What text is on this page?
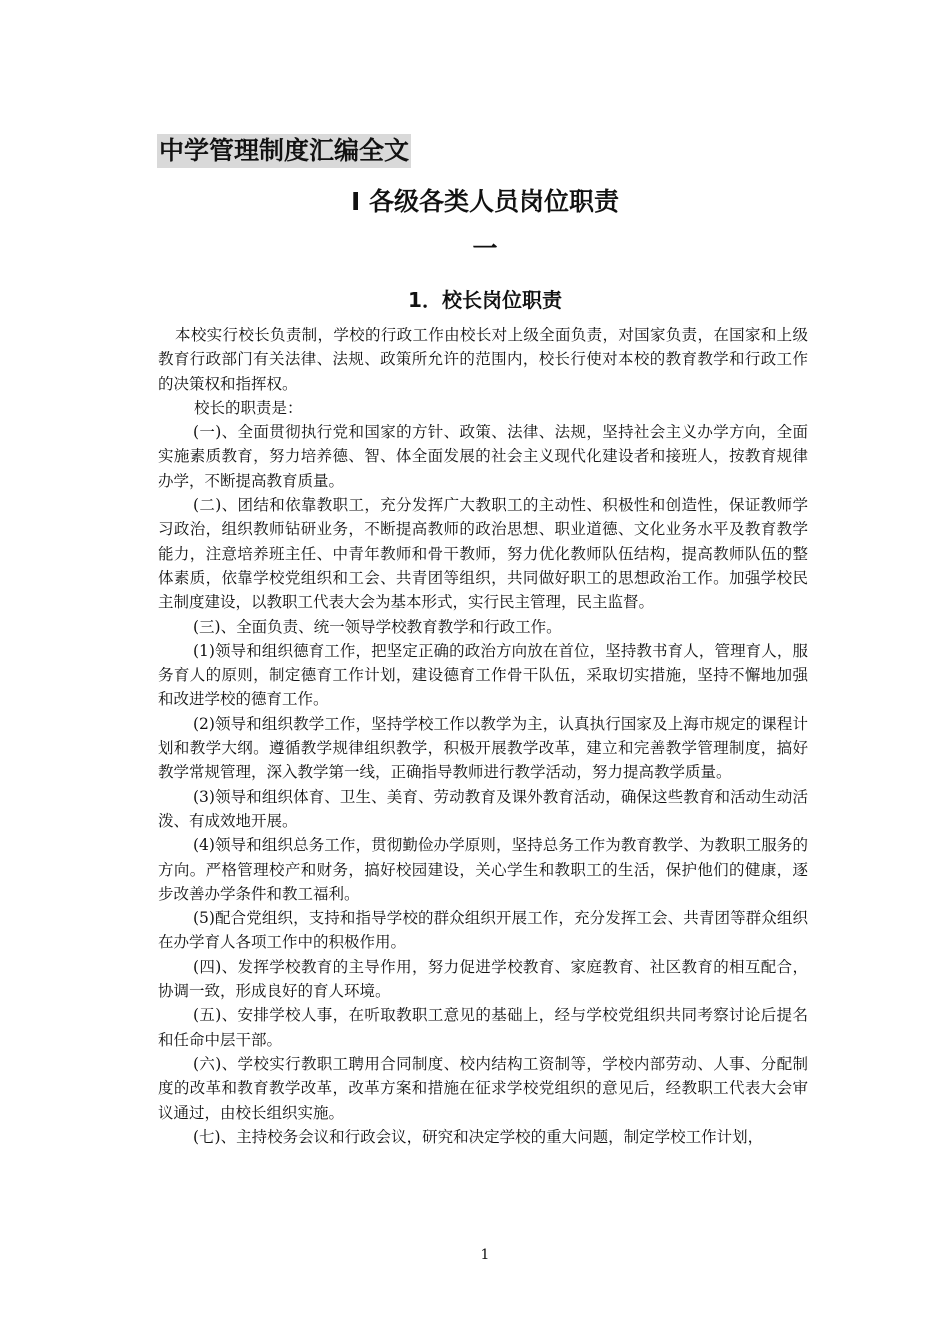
中学管理制度汇编全文
Ⅰ 各级各类人员岗位职责
一
1．校长岗位职责

本校实行校长负责制，学校的行政工作由校长对上级全面负责，对国家负责，在国家和上级教育行政部门有关法律、法规、政策所允许的范围内，校长行使对本校的教育教学和行政工作的决策权和指挥权。

校长的职责是：

(一)、全面贯彻执行党和国家的方针、政策、法律、法规，坚持社会主义办学方向，全面实施素质教育，努力培养德、智、体全面发展的社会主义现代化建设者和接班人，按教育规律办学，不断提高教育质量。

(二)、团结和依靠教职工，充分发挥广大教职工的主动性、积极性和创造性，保证教师学习政治，组织教师钻研业务，不断提高教师的政治思想、职业道德、文化业务水平及教育教学能力，注意培养班主任、中青年教师和骨干教师，努力优化教师队伍结构，提高教师队伍的整体素质，依靠学校党组织和工会、共青团等组织，共同做好职工的思想政治工作。加强学校民主制度建设，以教职工代表大会为基本形式，实行民主管理，民主监督。

(三)、全面负责、统一领导学校教育教学和行政工作。

(1)领导和组织德育工作，把坚定正确的政治方向放在首位，坚持教书育人，管理育人，服务育人的原则，制定德育工作计划，建设德育工作骨干队伍，采取切实措施，坚持不懈地加强和改进学校的德育工作。

(2)领导和组织教学工作，坚持学校工作以教学为主，认真执行国家及上海市规定的课程计划和教学大纲。遵循教学规律组织教学，积极开展教学改革，建立和完善教学管理制度，搞好教学常规管理，深入教学第一线，正确指导教师进行教学活动，努力提高教学质量。

(3)领导和组织体育、卫生、美育、劳动教育及课外教育活动，确保这些教育和活动生动活泼、有成效地开展。

(4)领导和组织总务工作，贯彻勤俭办学原则，坚持总务工作为教育教学、为教职工服务的方向。严格管理校产和财务，搞好校园建设，关心学生和教职工的生活，保护他们的健康，逐步改善办学条件和教工福利。

(5)配合党组织，支持和指导学校的群众组织开展工作，充分发挥工会、共青团等群众组织在办学育人各项工作中的积极作用。

(四)、发挥学校教育的主导作用，努力促进学校教育、家庭教育、社区教育的相互配合，协调一致，形成良好的育人环境。

(五)、安排学校人事，在听取教职工意见的基础上，经与学校党组织共同考察讨论后提名和任命中层干部。

(六)、学校实行教职工聘用合同制度、校内结构工资制等，学校内部劳动、人事、分配制度的改革和教育教学改革，改革方案和措施在征求学校党组织的意见后，经教职工代表大会审议通过，由校长组织实施。

(七)、主持校务会议和行政会议，研究和决定学校的重大问题，制定学校工作计划，

1
